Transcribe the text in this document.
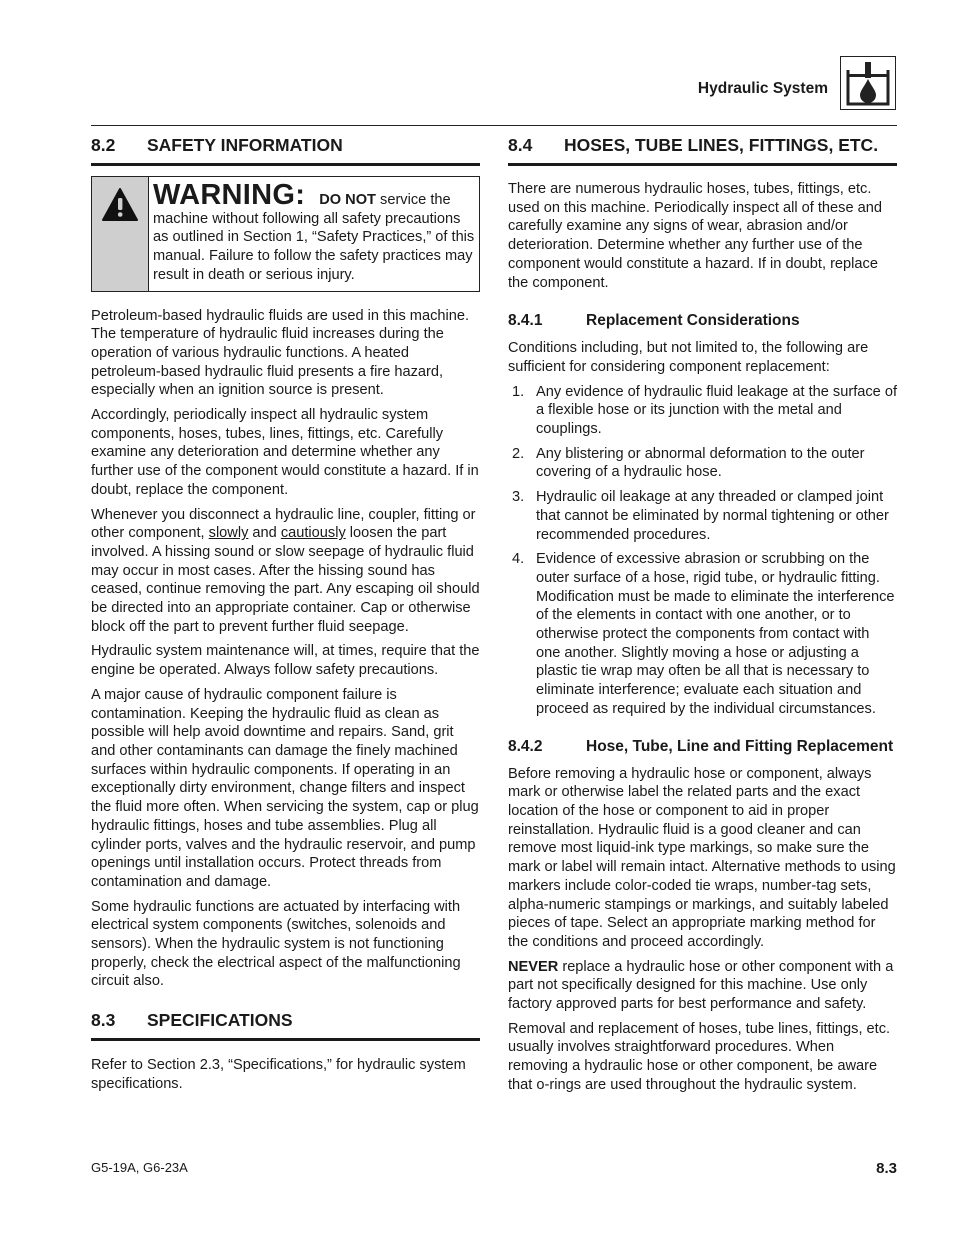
Hydraulic System
8.2	SAFETY INFORMATION
WARNING: DO NOT service the machine without following all safety precautions as outlined in Section 1, “Safety Practices,” of this manual. Failure to follow the safety practices may result in death or serious injury.

Petroleum-based hydraulic fluids are used in this machine. The temperature of hydraulic fluid increases during the operation of various hydraulic functions. A heated petroleum-based hydraulic fluid presents a fire hazard, especially when an ignition source is present.

Accordingly, periodically inspect all hydraulic system components, hoses, tubes, lines, fittings, etc. Carefully examine any deterioration and determine whether any further use of the component would constitute a hazard. If in doubt, replace the component.

Whenever you disconnect a hydraulic line, coupler, fitting or other component, slowly and cautiously loosen the part involved. A hissing sound or slow seepage of hydraulic fluid may occur in most cases. After the hissing sound has ceased, continue removing the part. Any escaping oil should be directed into an appropriate container. Cap or otherwise block off the part to prevent further fluid seepage.

Hydraulic system maintenance will, at times, require that the engine be operated. Always follow safety precautions.

A major cause of hydraulic component failure is contamination. Keeping the hydraulic fluid as clean as possible will help avoid downtime and repairs. Sand, grit and other contaminants can damage the finely machined surfaces within hydraulic components. If operating in an exceptionally dirty environment, change filters and inspect the fluid more often. When servicing the system, cap or plug hydraulic fittings, hoses and tube assemblies. Plug all cylinder ports, valves and the hydraulic reservoir, and pump openings until installation occurs. Protect threads from contamination and damage.

Some hydraulic functions are actuated by interfacing with electrical system components (switches, solenoids and sensors). When the hydraulic system is not functioning properly, check the electrical aspect of the malfunctioning circuit also.

8.3	SPECIFICATIONS

Refer to Section 2.3, “Specifications,” for hydraulic system specifications.

8.4	HOSES, TUBE LINES, FITTINGS, ETC.

There are numerous hydraulic hoses, tubes, fittings, etc. used on this machine. Periodically inspect all of these and carefully examine any signs of wear, abrasion and/or deterioration. Determine whether any further use of the component would constitute a hazard. If in doubt, replace the component.

8.4.1	Replacement Considerations

Conditions including, but not limited to, the following are sufficient for considering component replacement:

1. Any evidence of hydraulic fluid leakage at the surface of a flexible hose or its junction with the metal and couplings.
2. Any blistering or abnormal deformation to the outer covering of a hydraulic hose.
3. Hydraulic oil leakage at any threaded or clamped joint that cannot be eliminated by normal tightening or other recommended procedures.
4. Evidence of excessive abrasion or scrubbing on the outer surface of a hose, rigid tube, or hydraulic fitting. Modification must be made to eliminate the interference of the elements in contact with one another, or to otherwise protect the components from contact with one another. Slightly moving a hose or adjusting a plastic tie wrap may often be all that is necessary to eliminate interference; evaluate each situation and proceed as required by the individual circumstances.
8.4.2	Hose, Tube, Line and Fitting Replacement

Before removing a hydraulic hose or component, always mark or otherwise label the related parts and the exact location of the hose or component to aid in proper reinstallation. Hydraulic fluid is a good cleaner and can remove most liquid-ink type markings, so make sure the mark or label will remain intact. Alternative methods to using markers include color-coded tie wraps, number-tag sets, alpha-numeric stampings or markings, and suitably labeled pieces of tape. Select an appropriate marking method for the conditions and proceed accordingly.

NEVER replace a hydraulic hose or other component with a part not specifically designed for this machine. Use only factory approved parts for best performance and safety.

Removal and replacement of hoses, tube lines, fittings, etc. usually involves straightforward procedures. When removing a hydraulic hose or other component, be aware that o-rings are used throughout the hydraulic system.

G5-19A, G6-23A	8.3
